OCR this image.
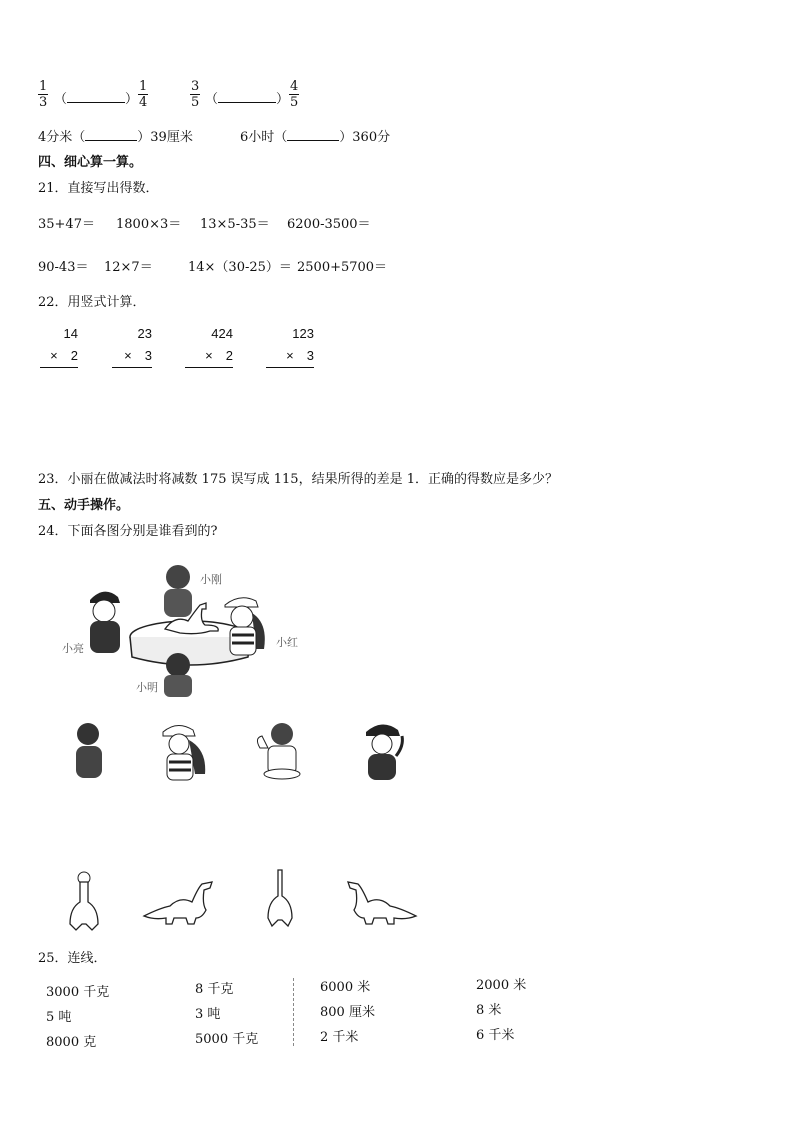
$\frac{1}{3}$ （	） $\frac{1}{4}$	$\frac{3}{5}$ （	） $\frac{4}{5}$
4分米（	）39厘米	6小时（	）360分
四、细心算一算。
21．直接写出得数．
35+47＝ 1800×3＝ 13×5-35＝ 6200-3500＝
90-43＝ 12×7＝	14×（30-25）＝ 2500+5700＝
22．用竖式计算．
14
×　2
23
×　3
424
×　2
123
×　3
23．小丽在做减法时将减数 175 误写成 115，结果所得的差是 1．正确的得数应是多少？
五、动手操作。
24．下面各图分别是谁看到的?
小刚
小亮	小红
小明
25．连线．
3000 千克
5 吨
8000 克
8 千克
3 吨
5000 千克
6000 米
800 厘米
2 千米
2000 米
8 米
6 千米
